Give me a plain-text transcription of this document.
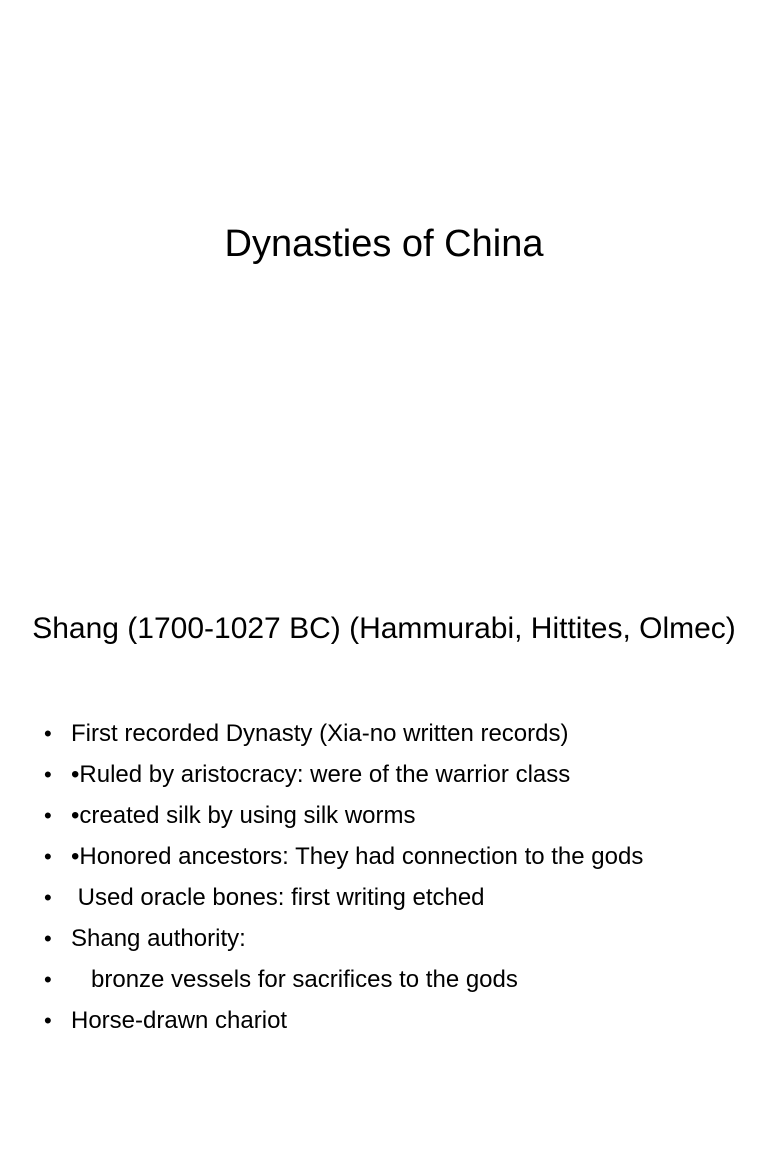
Dynasties of China
Shang (1700-1027 BC) (Hammurabi, Hittites, Olmec)

•

First recorded Dynasty (Xia-no written records)

•

•Ruled by aristocracy: were of the warrior class

•

•created silk by using silk worms

•

•Honored ancestors: They had connection to the gods

•

Used oracle bones: first writing etched

•

Shang authority:

•

bronze vessels for sacrifices to the gods

•

Horse-drawn chariot
